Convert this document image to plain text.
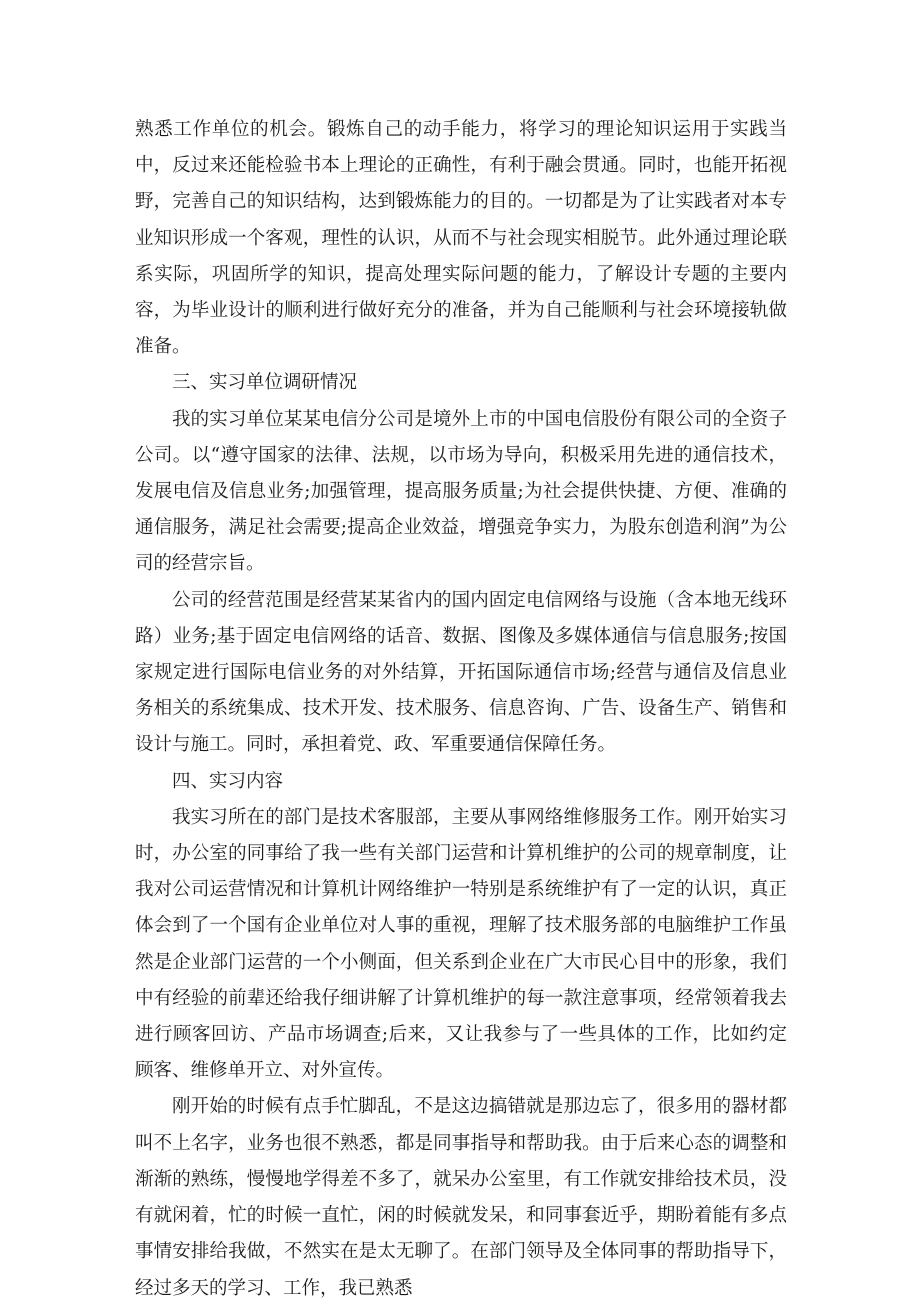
熟悉工作单位的机会。锻炼自己的动手能力，将学习的理论知识运用于实践当中，反过来还能检验书本上理论的正确性，有利于融会贯通。同时，也能开拓视野，完善自己的知识结构，达到锻炼能力的目的。一切都是为了让实践者对本专业知识形成一个客观，理性的认识，从而不与社会现实相脱节。此外通过理论联系实际，巩固所学的知识，提高处理实际问题的能力，了解设计专题的主要内容，为毕业设计的顺利进行做好充分的准备，并为自己能顺利与社会环境接轨做准备。

三、实习单位调研情况

我的实习单位某某电信分公司是境外上市的中国电信股份有限公司的全资子公司。以“遵守国家的法律、法规，以市场为导向，积极采用先进的通信技术，发展电信及信息业务;加强管理，提高服务质量;为社会提供快捷、方便、准确的通信服务，满足社会需要;提高企业效益，增强竞争实力，为股东创造利润”为公司的经营宗旨。

公司的经营范围是经营某某省内的国内固定电信网络与设施（含本地无线环路）业务;基于固定电信网络的话音、数据、图像及多媒体通信与信息服务;按国家规定进行国际电信业务的对外结算，开拓国际通信市场;经营与通信及信息业务相关的系统集成、技术开发、技术服务、信息咨询、广告、设备生产、销售和设计与施工。同时，承担着党、政、军重要通信保障任务。

四、实习内容

我实习所在的部门是技术客服部，主要从事网络维修服务工作。刚开始实习时，办公室的同事给了我一些有关部门运营和计算机维护的公司的规章制度，让我对公司运营情况和计算机计网络维护一特别是系统维护有了一定的认识，真正体会到了一个国有企业单位对人事的重视，理解了技术服务部的电脑维护工作虽然是企业部门运营的一个小侧面，但关系到企业在广大市民心目中的形象，我们中有经验的前辈还给我仔细讲解了计算机维护的每一款注意事项，经常领着我去进行顾客回访、产品市场调查;后来，又让我参与了一些具体的工作，比如约定顾客、维修单开立、对外宣传。

刚开始的时候有点手忙脚乱，不是这边搞错就是那边忘了，很多用的器材都叫不上名字，业务也很不熟悉，都是同事指导和帮助我。由于后来心态的调整和渐渐的熟练，慢慢地学得差不多了，就呆办公室里，有工作就安排给技术员，没有就闲着，忙的时候一直忙，闲的时候就发呆，和同事套近乎，期盼着能有多点事情安排给我做，不然实在是太无聊了。在部门领导及全体同事的帮助指导下，经过多天的学习、工作，我已熟悉
